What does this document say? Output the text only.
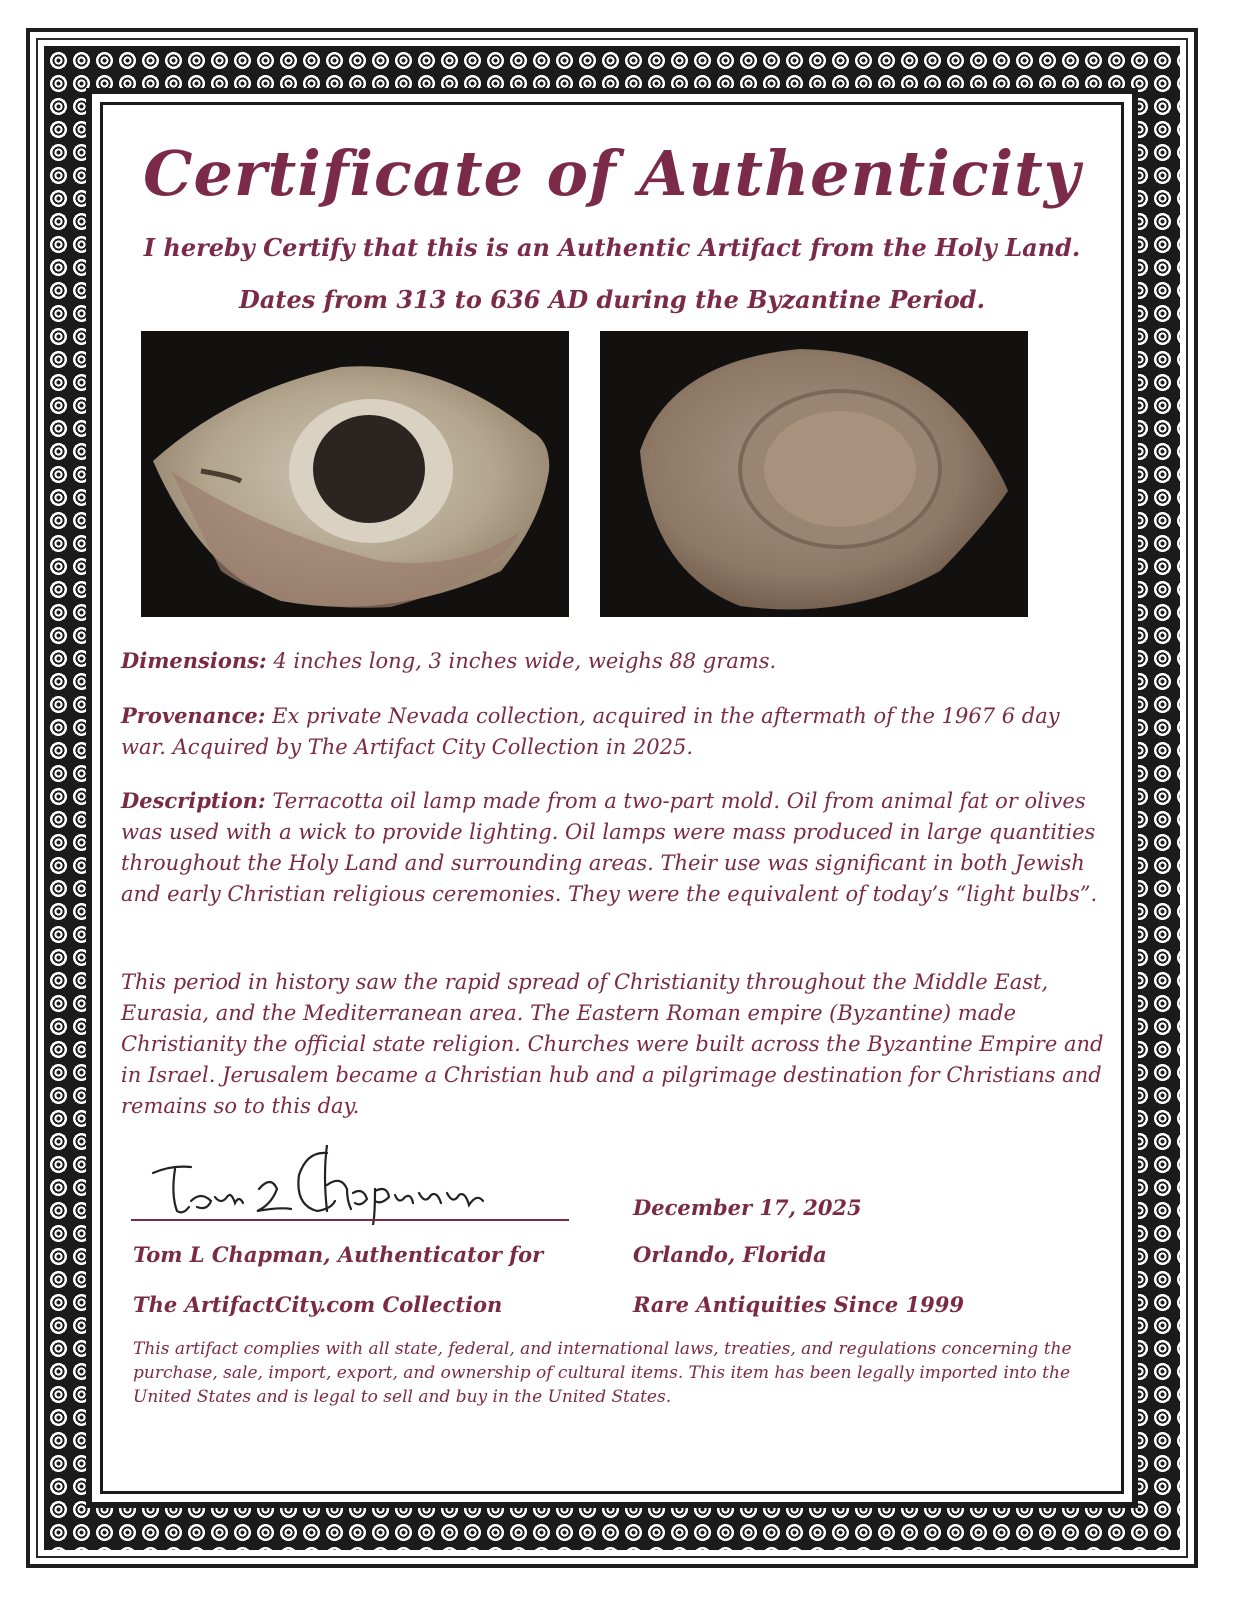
Certificate of Authenticity
I hereby Certify that this is an Authentic Artifact from the Holy Land.
Dates from 313 to 636 AD during the Byzantine Period.
Dimensions: 4 inches long, 3 inches wide, weighs 88 grams.
Provenance: Ex private Nevada collection, acquired in the aftermath of the 1967 6 day war. Acquired by The Artifact City Collection in 2025.
Description: Terracotta oil lamp made from a two-part mold. Oil from animal fat or olives was used with a wick to provide lighting. Oil lamps were mass produced in large quantities throughout the Holy Land and surrounding areas. Their use was significant in both Jewish and early Christian religious ceremonies. They were the equivalent of today’s “light bulbs”.
This period in history saw the rapid spread of Christianity throughout the Middle East, Eurasia, and the Mediterranean area. The Eastern Roman empire (Byzantine) made Christianity the official state religion. Churches were built across the Byzantine Empire and in Israel. Jerusalem became a Christian hub and a pilgrimage destination for Christians and remains so to this day.
Tom L Chapman, Authenticator for
The ArtifactCity.com Collection
December 17, 2025
Orlando, Florida
Rare Antiquities Since 1999
This artifact complies with all state, federal, and international laws, treaties, and regulations concerning the purchase, sale, import, export, and ownership of cultural items. This item has been legally imported into the United States and is legal to sell and buy in the United States.
